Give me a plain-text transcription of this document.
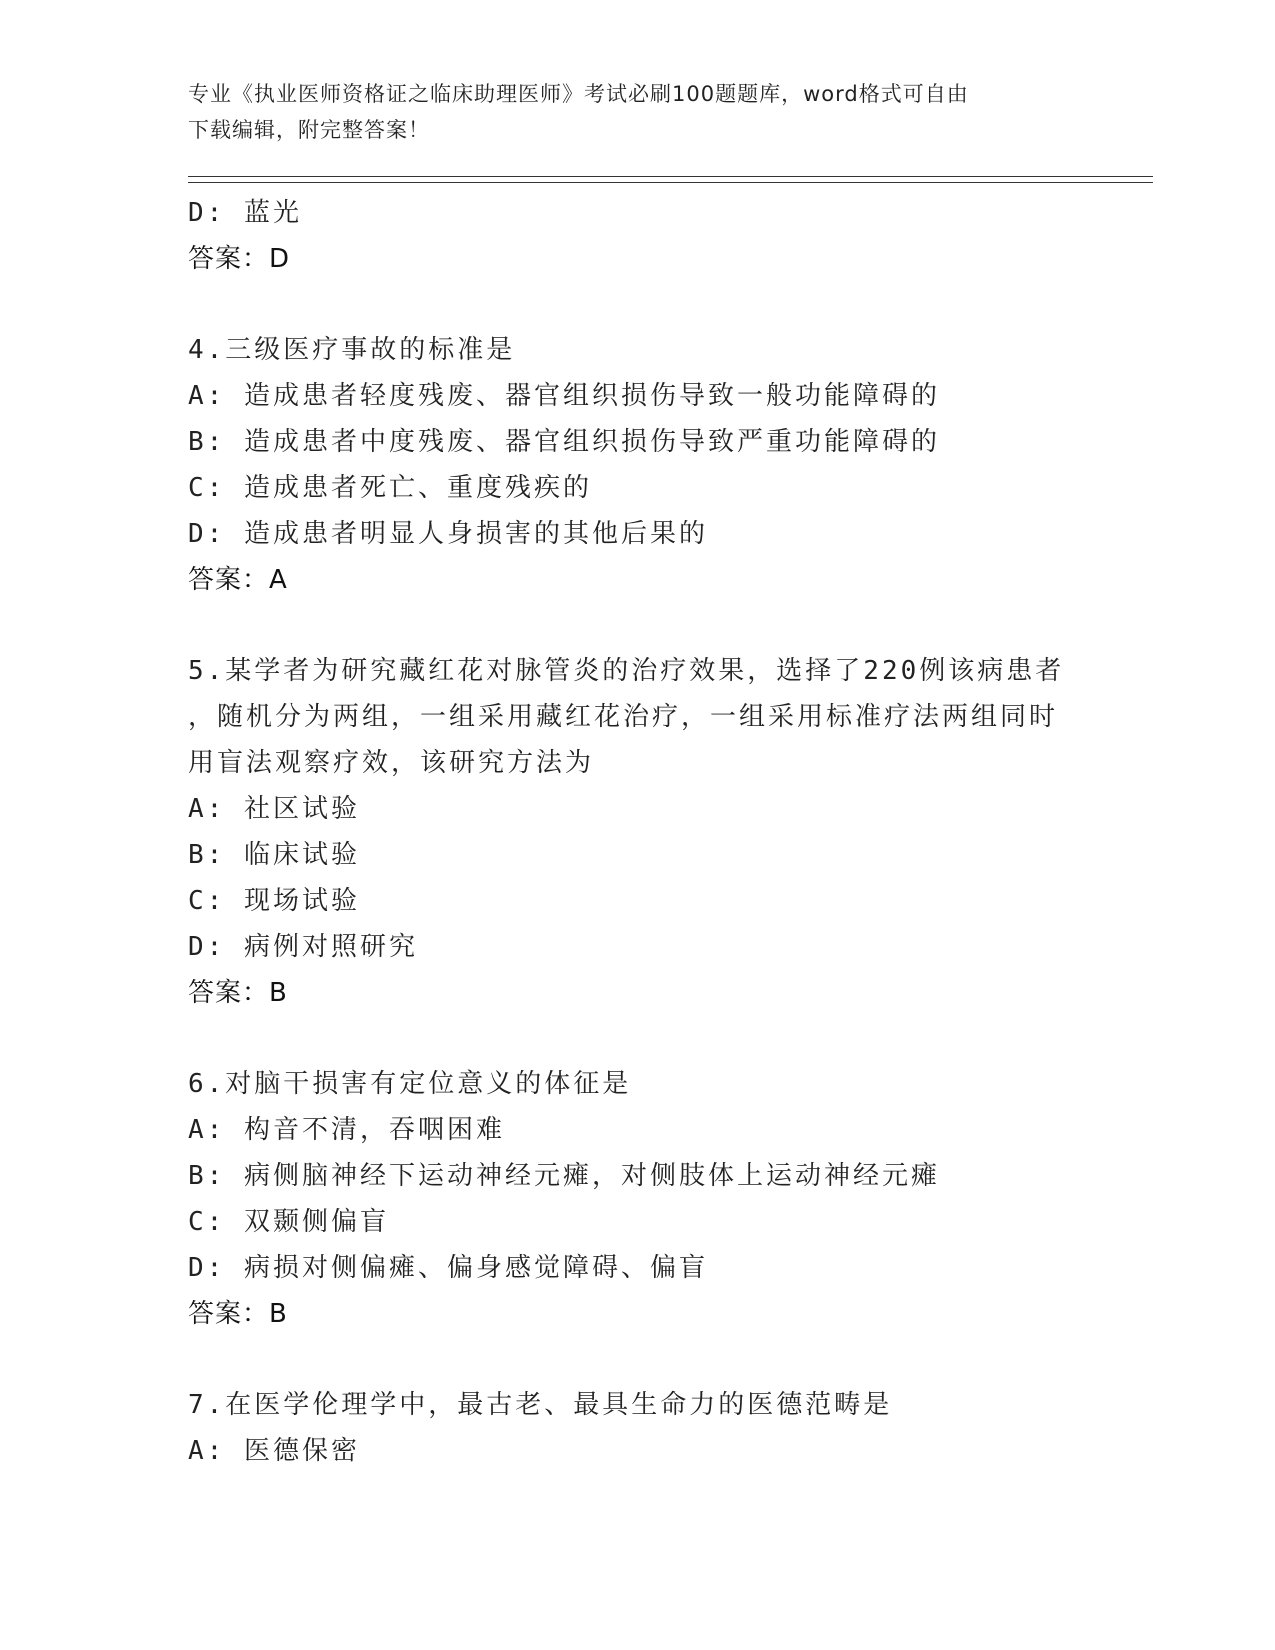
专业《执业医师资格证之临床助理医师》考试必刷100题题库，word格式可自由
下载编辑，附完整答案！
D: 蓝光
答案：D
4.三级医疗事故的标准是
A: 造成患者轻度残废、器官组织损伤导致一般功能障碍的
B: 造成患者中度残废、器官组织损伤导致严重功能障碍的
C: 造成患者死亡、重度残疾的
D: 造成患者明显人身损害的其他后果的
答案：A
5.某学者为研究藏红花对脉管炎的治疗效果，选择了220例该病患者
，随机分为两组，一组采用藏红花治疗，一组采用标准疗法两组同时
用盲法观察疗效，该研究方法为
A: 社区试验
B: 临床试验
C: 现场试验
D: 病例对照研究
答案：B
6.对脑干损害有定位意义的体征是
A: 构音不清，吞咽困难
B: 病侧脑神经下运动神经元瘫，对侧肢体上运动神经元瘫
C: 双颞侧偏盲
D: 病损对侧偏瘫、偏身感觉障碍、偏盲
答案：B
7.在医学伦理学中，最古老、最具生命力的医德范畴是
A: 医德保密
